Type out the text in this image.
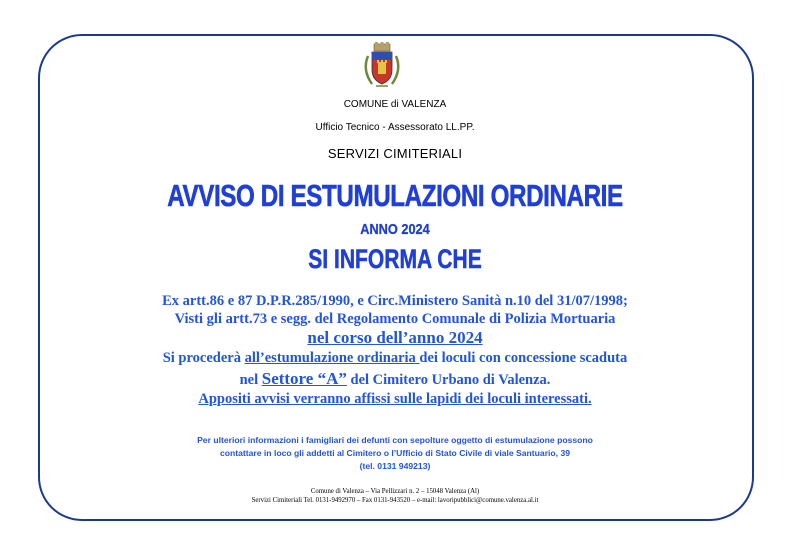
COMUNE di VALENZA
Ufficio Tecnico - Assessorato LL.PP.
SERVIZI CIMITERIALI
AVVISO DI ESTUMULAZIONI ORDINARIE
ANNO 2024
SI INFORMA CHE
Ex artt.86 e 87 D.P.R.285/1990, e Circ.Ministero Sanità n.10 del 31/07/1998;
Visti gli artt.73 e segg. del Regolamento Comunale di Polizia Mortuaria
nel corso dell’anno 2024
Si procederà all’estumulazione ordinaria dei loculi con concessione scaduta
nel Settore “A” del Cimitero Urbano di Valenza.
Appositi avvisi verranno affissi sulle lapidi dei loculi interessati.
Per ulteriori informazioni i famigliari dei defunti con sepolture oggetto di estumulazione possono
contattare in loco gli addetti al Cimitero o l’Ufficio di Stato Civile di viale Santuario, 39
(tel. 0131 949213)
Comune di Valenza – Via Pellizzari n. 2 – 15048 Valenza (Al)
Servizi Cimiteriali Tel. 0131-9492970 – Fax 0131-943520 – e-mail: lavoripubblici@comune.valenza.al.it
